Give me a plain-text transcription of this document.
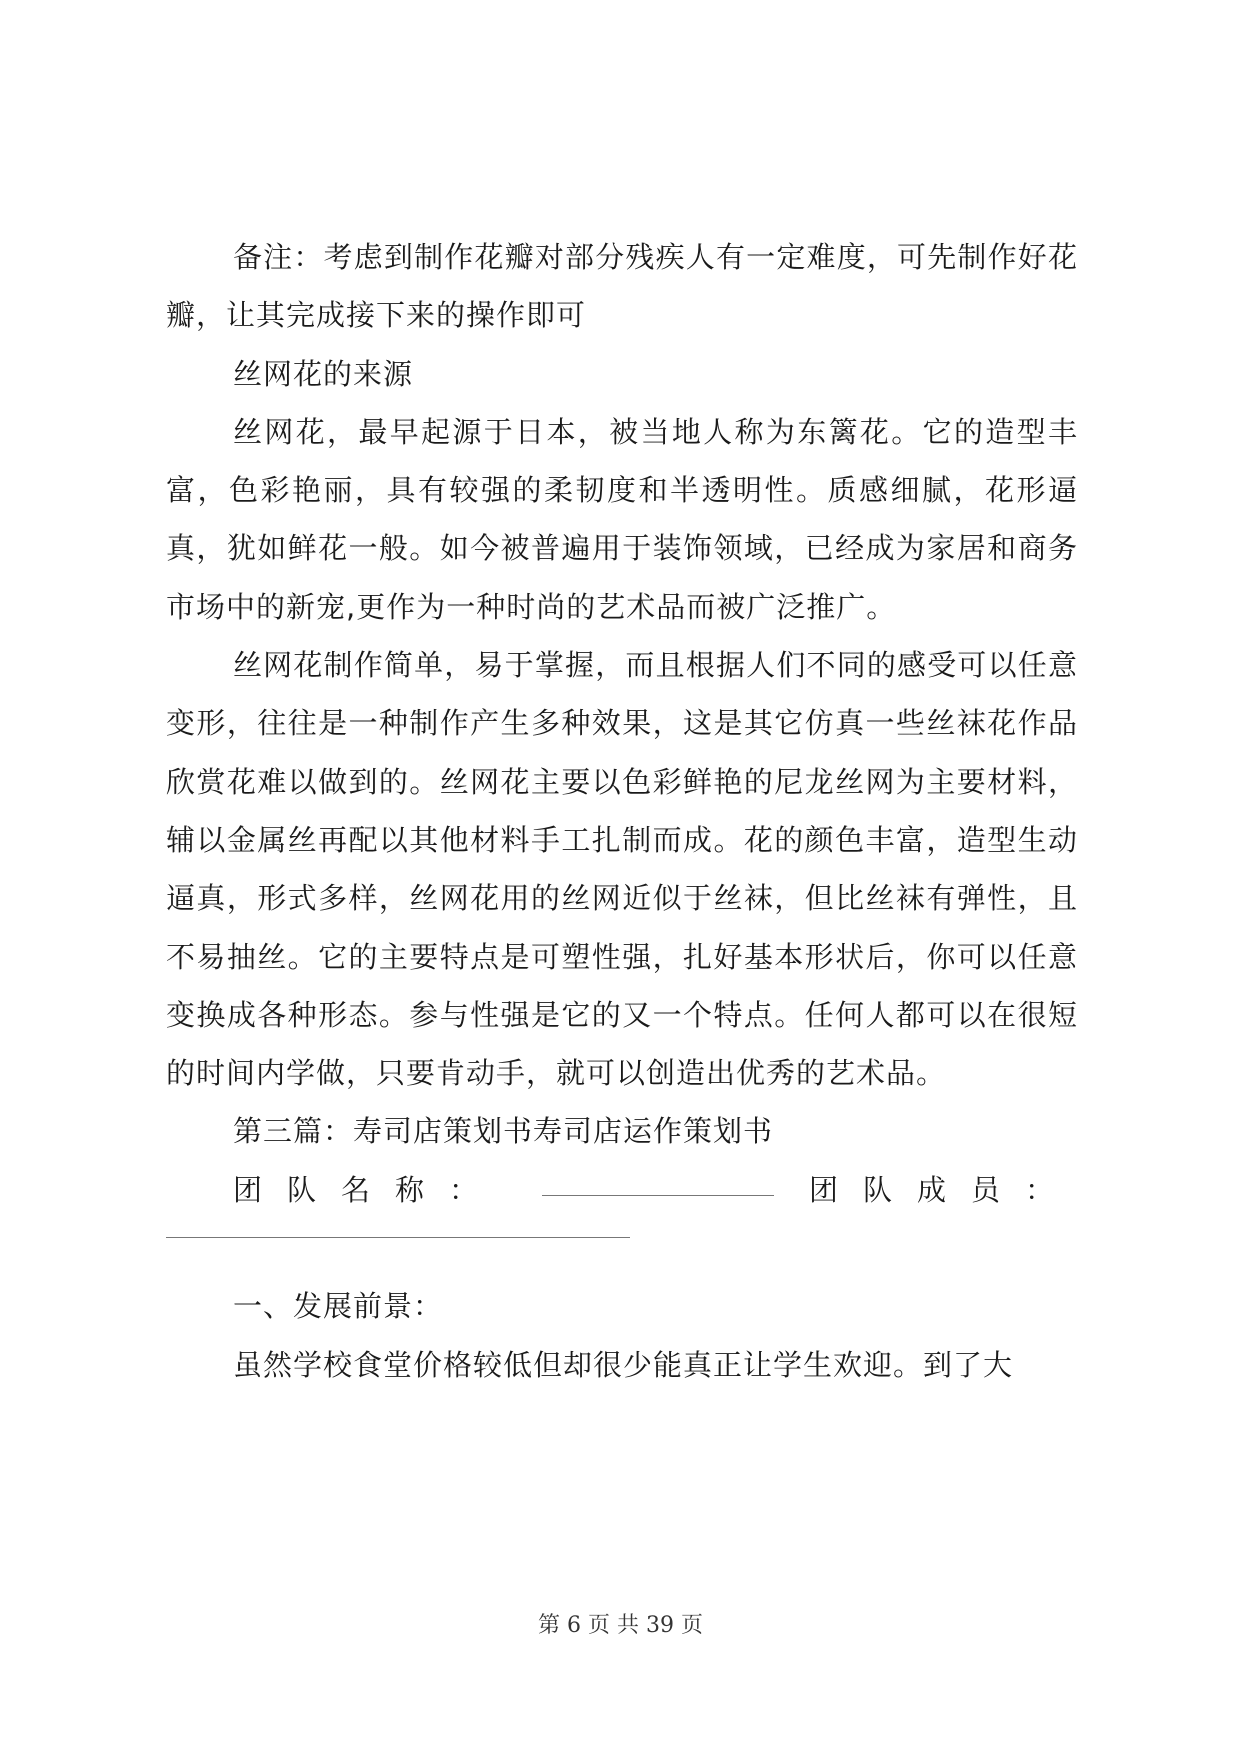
备注：考虑到制作花瓣对部分残疾人有一定难度，可先制作好花瓣，让其完成接下来的操作即可

丝网花的来源

丝网花，最早起源于日本，被当地人称为东篱花。它的造型丰富，色彩艳丽，具有较强的柔韧度和半透明性。质感细腻，花形逼真，犹如鲜花一般。如今被普遍用于装饰领域，已经成为家居和商务市场中的新宠,更作为一种时尚的艺术品而被广泛推广。

丝网花制作简单，易于掌握，而且根据人们不同的感受可以任意变形，往往是一种制作产生多种效果，这是其它仿真一些丝袜花作品欣赏花难以做到的。丝网花主要以色彩鲜艳的尼龙丝网为主要材料，辅以金属丝再配以其他材料手工扎制而成。花的颜色丰富，造型生动逼真，形式多样，丝网花用的丝网近似于丝袜，但比丝袜有弹性，且不易抽丝。它的主要特点是可塑性强，扎好基本形状后，你可以任意变换成各种形态。参与性强是它的又一个特点。任何人都可以在很短的时间内学做，只要肯动手，就可以创造出优秀的艺术品。

第三篇：寿司店策划书寿司店运作策划书

团队名称：	团队成员：

一、发展前景：

虽然学校食堂价格较低但却很少能真正让学生欢迎。到了大

第 6 页 共 39 页
